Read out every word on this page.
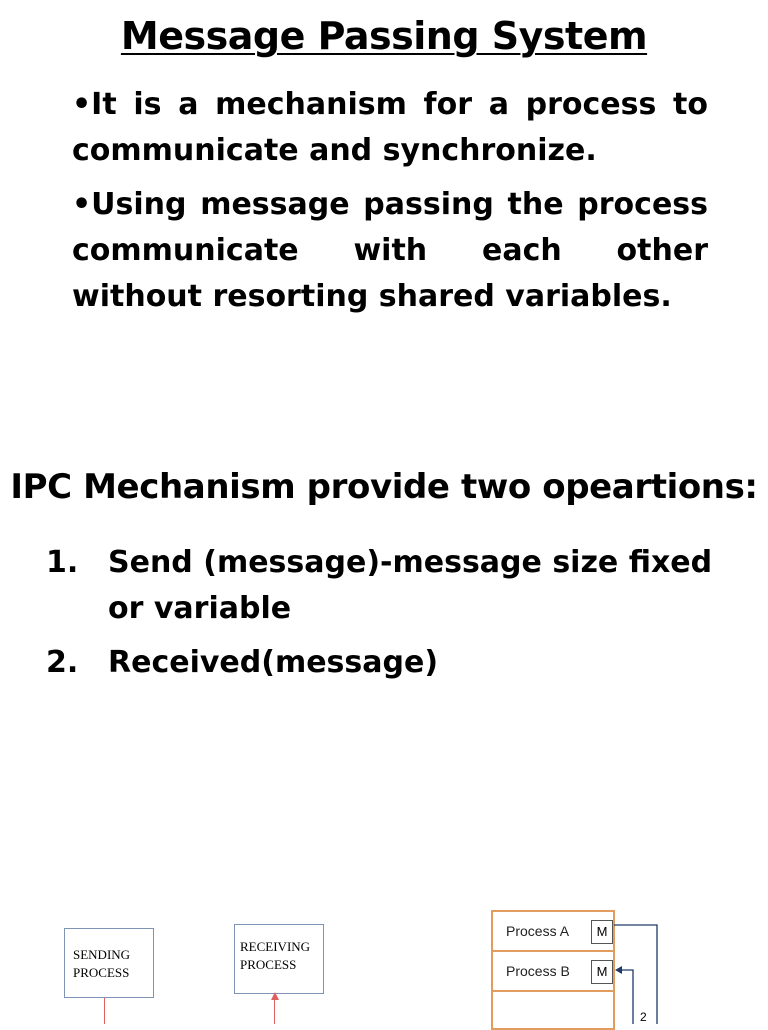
Message Passing System

•It is a mechanism for a process to communicate and synchronize.

•Using message passing the process communicate with each other without resorting shared variables.

IPC Mechanism provide two opeartions:
1. Send (message)-message size fixed or variable
2. Received(message)
SENDING
PROCESS
RECEIVING
PROCESS
Process A	M
Process B	M
2
